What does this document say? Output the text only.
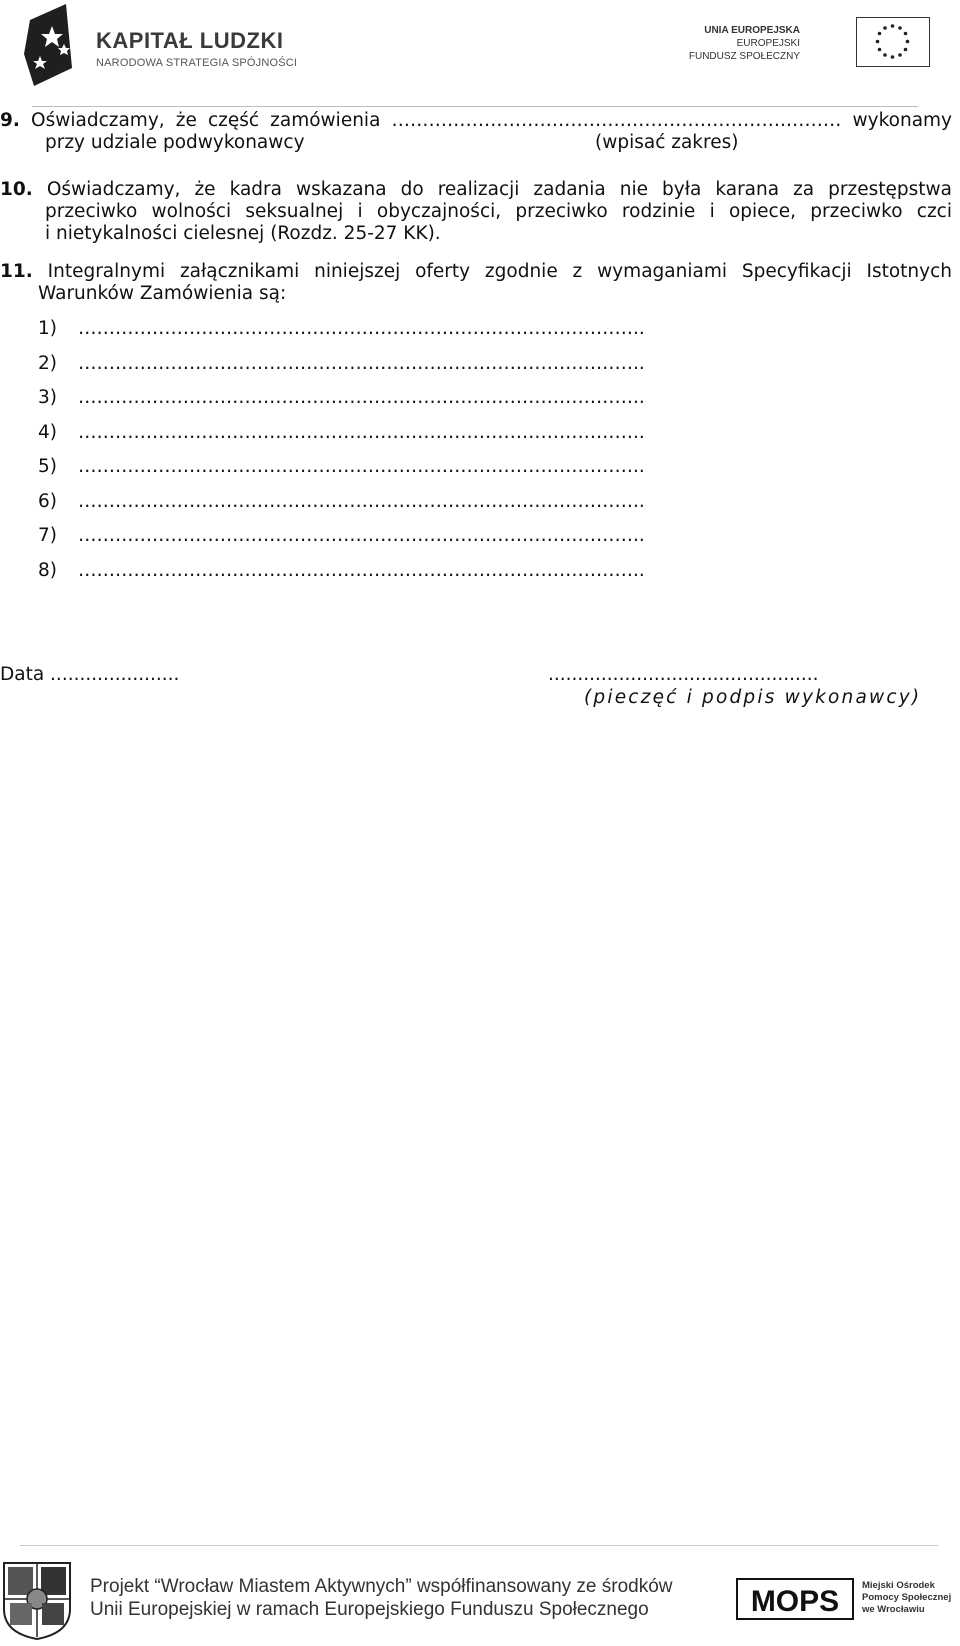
KAPITAŁ LUDZKI
NARODOWA STRATEGIA SPÓJNOŚCI
UNIA EUROPEJSKA
EUROPEJSKI
FUNDUSZ SPOŁECZNY
9. Oświadczamy, że część zamówienia ……………………………………………………….……… wykonamy
przy udziale podwykonawcy	(wpisać zakres)
10. Oświadczamy, że kadra wskazana do realizacji zadania nie była karana za przestępstwa
przeciwko wolności seksualnej i obyczajności, przeciwko rodzinie i opiece, przeciwko czci
i nietykalności cielesnej (Rozdz. 25-27 KK).
11. Integralnymi załącznikami niniejszej oferty zgodnie z wymaganiami Specyfikacji Istotnych
Warunków Zamówienia są:
1) ………………………………………………………………………………..
2) ………………………………………………………………………………..
3) ………………………………………………………………………………..
4) ………………………………………………………………………………..
5) ………………………………………………………………………………..
6) ………………………………………………………………………………..
7) ………………………………………………………………………………..
8) ………………………………………………………………………………..
Data ......................	..............................................
(pieczęć i podpis wykonawcy)
Projekt “Wrocław Miastem Aktywnych” współfinansowany ze środków
Unii Europejskiej w ramach Europejskiego Funduszu Społecznego	MOPS Miejski Ośrodek
Pomocy Społecznej
we Wrocławiu
